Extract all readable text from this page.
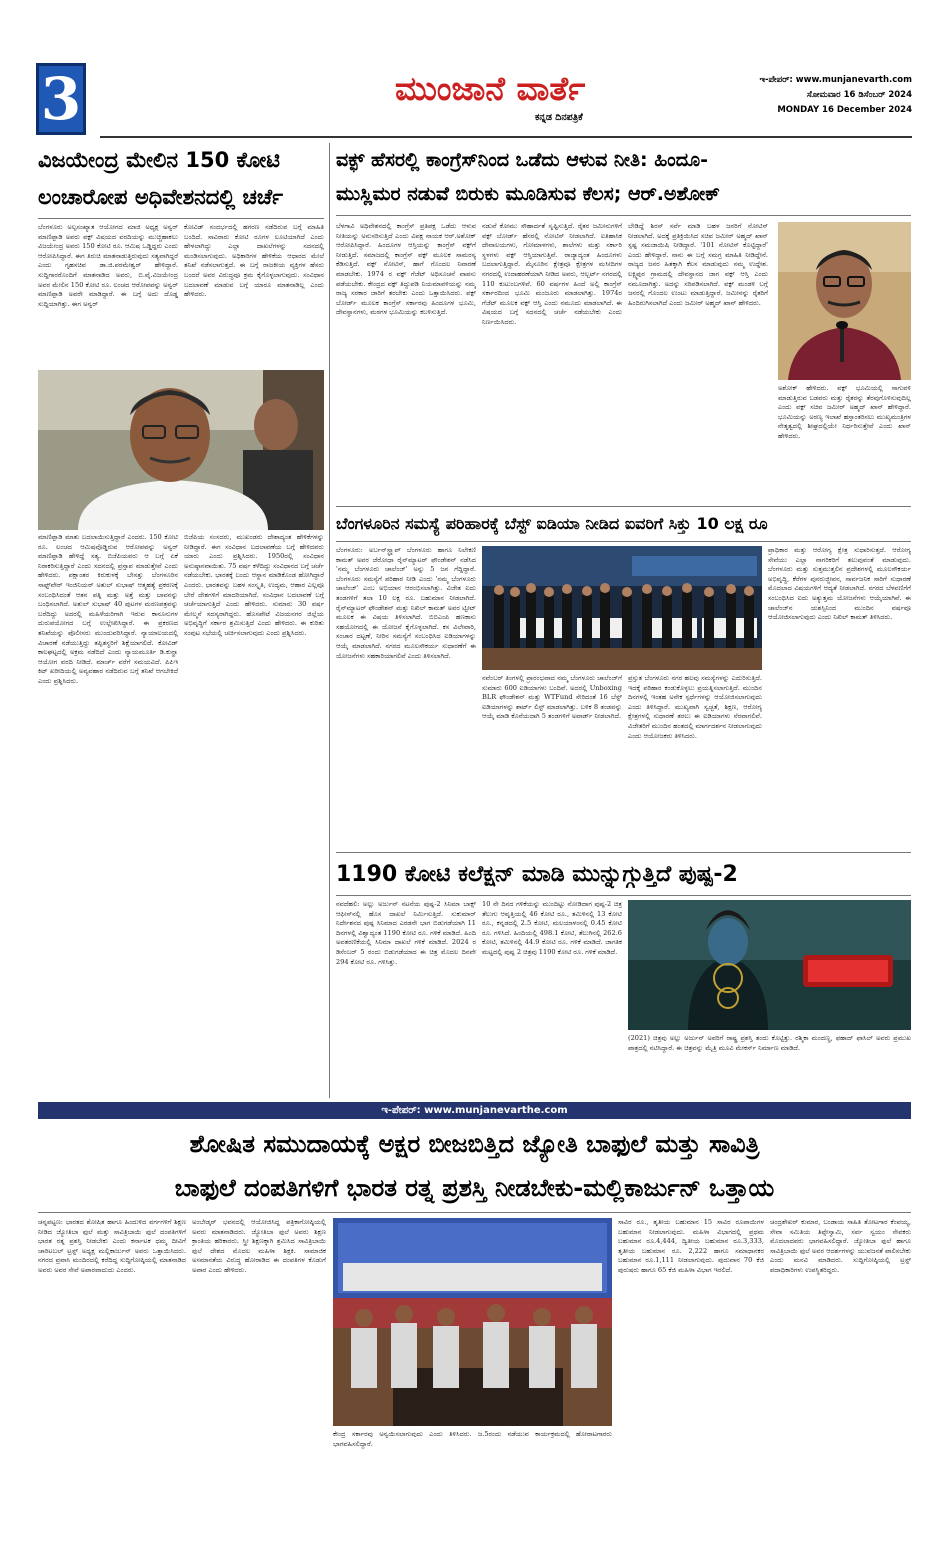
3	ಮುಂಜಾನೆ ವಾರ್ತೆ
ಕನ್ನಡ ದಿನಪತ್ರಿಕೆ
ಇ-ಪೇಪರ್: www.munjanevarth.com
ಸೋಮವಾರ 16 ಡಿಸೆಂಬರ್ 2024
MONDAY 16 December 2024
ವಿಜಯೇಂದ್ರ ಮೇಲಿನ 150 ಕೋಟಿ
ಲಂಚಾರೋಪ ಅಧಿವೇಶನದಲ್ಲಿ ಚರ್ಚೆ
ಬೆಂಗಳೂರು ಅಲ್ಪಸಂಖ್ಯಾತ ಆಯೋಗದ ಮಾಜಿ ಅಧ್ಯಕ್ಷ ಅನ್ವರ್ ಮಾಣಿಪ್ಪಾಡಿ ಅವರು ವಕ್ಫ್ ವಿಷಯದ ವರದಿಯನ್ನು ಮುಚ್ಚಿಹಾಕಲು ವಿಜಯೇಂದ್ರ ಅವರು 150 ಕೋಟಿ ರೂ. ಆಮಿಷ ಒಡ್ಡಿದ್ದರು ಎಂದು ಆರೋಪಿಸಿದ್ದಾರೆ. ಈಗ ತಿರುಚಿ ಮಾತನಾಡುತ್ತಿರುವುದು ಸತ್ಯವಾಗಿದ್ದರೆ ಎಂದು ಗೃಹಸಚಿವ ಡಾ.ಜಿ.ಪರಮೇಶ್ವರ್ ಹೇಳಿದ್ದಾರೆ. ಸುದ್ದಿಗಾರರೊಂದಿಗೆ ಮಾತನಾಡಿದ ಅವರು, ಬಿ.ವೈ.ವಿಜಯೇಂದ್ರ ಅವರ ಮೇಲಿನ 150 ಕೋಟಿ ರೂ. ಲಂಚದ ಆರೋಪವನ್ನು ಅನ್ವರ್ ಮಾಣಿಪ್ಪಾಡಿ ಅವರೇ ಮಾಡಿದ್ದಾರೆ. ಈ ಬಗ್ಗೆ ಅದು ದೊಡ್ಡ ಸುದ್ದಿಯಾಗಿತ್ತು. ಈಗ ಅನ್ವರ್
ಕೋವಿಡ್ ಸಂದರ್ಭದಲ್ಲಿ ಹಗರಣ ನಡೆದಿರುವ ಬಗ್ಗೆ ಮಾಹಿತಿ ಬಂದಿದೆ. ಸಾವಿರಾರು ಕೋಟಿ ರೂಗಳ ಲೂಟಿಯಾಗಿದೆ ಎಂದು ಹೇಳಲಾಗಿದ್ದು ಎಲ್ಲಾ ದಾಖಲೆಗಳನ್ನು ಸದನದಲ್ಲಿ ಮಂಡಿಸಲಾಗುವುದು. ಅಧಿಕಾರಿಗಳ ಹೇಳಿಕೆಯ ಆಧಾರದ ಮೇಲೆ ತನಿಖೆ ನಡೆಸಲಾಗುತ್ತದೆ. ಈ ಬಗ್ಗೆ ರಾಜಕೀಯ ವ್ಯಕ್ತಿಗಳ ಹೆಸರು ಬಂದರೆ ಅವರ ವಿರುದ್ಧವೂ ಕ್ರಮ ಕೈಗೊಳ್ಳಲಾಗುವುದು. ಸಂವಿಧಾನ ಬದಲಾವಣೆ ಮಾಡುವ ಬಗ್ಗೆ ಯಾರೂ ಮಾತನಾಡಿಲ್ಲ ಎಂದು ಹೇಳಿದರು.
ಮಾಣಿಪ್ಪಾಡಿ ಮಾತು ಬದಲಾಯಿಸುತ್ತಿದ್ದಾರೆ ಎಂದರು. 150 ಕೋಟಿ ರೂ. ಲಂಚದ ಆಮಿಷವೊಡ್ಡಿರುವ ಆರೋಪವನ್ನು ಅನ್ವರ್ ಮಾಣಿಪ್ಪಾಡಿ ಹೇಳಿದ್ದೆ ಸತ್ಯ. ಬಿಜೆಪಿಯವರು ಆ ಬಗ್ಗೆ ಏಕೆ ನಿರಾಕರಿಸುತ್ತಿದ್ದಾರೆ ಎಂದು ಸದನದಲ್ಲಿ ಪ್ರಸ್ತಾಪ ಮಾಡುತ್ತೇವೆ ಎಂದು ಹೇಳಿದರು. ಪಕ್ಷಾಂತರ ಕಿರುಕುಳಕ್ಕೆ ಬೇಸತ್ತು ಬೆಂಗಳೂರಿನ ಸಾಫ್ಟ್‌ವೇರ್ ಇಂಜಿನಿಯರ್ ಅತುಲ್ ಸುಭಾಷ್ ಆತ್ಮಹತ್ಯೆ ಪ್ರಕರಣಕ್ಕೆ ಸಂಬಂಧಿಸಿದಂತೆ ಆತನ ಪತ್ನಿ ಮತ್ತು ಅತ್ತೆ ಮತ್ತು ಬಾವನನ್ನು ಬಂಧಿಸಲಾಗಿದೆ. ಅತುಲ್ ಸುಭಾಷ್ 40 ಪುಟಗಳ ಮರಣಪತ್ರವನ್ನು ಬರೆದಿದ್ದು ಅದರಲ್ಲಿ ಮಹಿಳೆಯರಿಗಾಗಿ ಇರುವ ಕಾನೂನುಗಳ ದುರುಪಯೋಗದ ಬಗ್ಗೆ ಉಲ್ಲೇಖಿಸಿದ್ದಾರೆ. ಈ ಪ್ರಕರಣದ ತನಿಖೆಯನ್ನು ಪೊಲೀಸರು ಮುಂದುವರಿಸಿದ್ದಾರೆ. ನ್ಯಾಯಾಲಯದಲ್ಲಿ ವಿಚಾರಣೆ ನಡೆಯುತ್ತಿದ್ದು ತಪ್ಪಿತಸ್ಥರಿಗೆ ಶಿಕ್ಷೆಯಾಗಲಿದೆ. ಕೋವಿಡ್ ಕಾಲಘಟ್ಟದಲ್ಲಿ ಅಕ್ರಮ ನಡೆದಿದೆ ಎಂದು ನ್ಯಾಯಮೂರ್ತಿ ಡಿ.ಕುನ್ಹಾ ಆಯೋಗ ವರದಿ ನೀಡಿದೆ. ಮಾರ್ಚ್ ವರೆಗೆ ಸಮಯವಿದೆ. ಪಿಪಿಇ ಕಿಟ್ ಖರೀದಿಯಲ್ಲಿ ಅವ್ಯವಹಾರ ನಡೆದಿರುವ ಬಗ್ಗೆ ತನಿಖೆ ಆಗಬೇಕಿದೆ ಎಂದು ಪ್ರಶ್ನಿಸಿದರು.
ಬಿಜೆಪಿಯ ಸಂಸದರು, ಮುಖಂಡರು ದೇಶಾದ್ಯಂತ ಹೇಳಿಕೆಗಳನ್ನು ನೀಡಿದ್ದಾರೆ. ಈಗ ಸಂವಿಧಾನ ಬದಲಾವಣೆಯ ಬಗ್ಗೆ ಹೇಳಿದವರು ಯಾರು ಎಂದು ಪ್ರಶ್ನಿಸಿದರು. 1950ರಲ್ಲಿ ಸಂವಿಧಾನ ಅನುಷ್ಠಾನವಾಯಿತು. 75 ವರ್ಷ ಕಳೆದಿದ್ದು ಸಂವಿಧಾನದ ಬಗ್ಗೆ ಚರ್ಚೆ ನಡೆಯಬೇಕು. ಭಾರತಕ್ಕೆ ಬಂದು ಆಸ್ಥಾನ ಮಾಡಿಕೊಂಡ ಹೋಗಿದ್ದಾರೆ ಎಂದರು. ಭಾರತವನ್ನು ಬಹಳ ಸಂಸ್ಕೃತಿ, ಉದ್ಯಮ, ಆಹಾರ ಎಲ್ಲವೂ ಬೇರೆ ದೇಶಗಳಿಗೆ ಮಾದರಿಯಾಗಿದೆ. ಸಂವಿಧಾನ ಬದಲಾವಣೆ ಬಗ್ಗೆ ಚರ್ಚೆಯಾಗುತ್ತಿದೆ ಎಂದು ಹೇಳಿದರು. ಸುಮಾರು 30 ವರ್ಷ ಮೇಲ್ಮನೆ ಸದಸ್ಯರಾಗಿದ್ದರು. ಹೊಸಪೇಟೆ ವಿಜಯನಗರ ಜಿಲ್ಲೆಯ ಅಭಿವೃದ್ಧಿಗೆ ಸರ್ಕಾರ ಶ್ರಮಿಸುತ್ತಿದೆ ಎಂದು ಹೇಳಿದರು. ಈ ಕುರಿತು ಸಂಪುಟ ಸಭೆಯಲ್ಲಿ ಚರ್ಚಿಸಲಾಗುವುದು ಎಂದು ಪ್ರಶ್ನಿಸಿದರು.
ವಕ್ಫ್ ಹೆಸರಲ್ಲಿ ಕಾಂಗ್ರೆಸ್‌ನಿಂದ ಒಡೆದು ಆಳುವ ನೀತಿ: ಹಿಂದೂ-
ಮುಸ್ಲಿಮರ ನಡುವೆ ಬಿರುಕು ಮೂಡಿಸುವ ಕೆಲಸ; ಆರ್.ಅಶೋಕ್
ಬೆಳಗಾವಿ ಅಧಿವೇಶನದಲ್ಲಿ ಕಾಂಗ್ರೆಸ್ ಪ್ರತಿಪಕ್ಷ ಒಡೆದು ಆಳುವ ನೀತಿಯನ್ನು ಅನುಸರಿಸುತ್ತಿದೆ ಎಂದು ವಿಪಕ್ಷ ನಾಯಕ ಆರ್.ಅಶೋಕ್ ಆರೋಪಿಸಿದ್ದಾರೆ. ಹಿಂದೂಗಳ ಆಸ್ತಿಯನ್ನು ಕಾಂಗ್ರೆಸ್ ವಕ್ಫ್‌ಗೆ ನೀಡುತ್ತಿದೆ. ಸಮಾಜದಲ್ಲಿ ಕಾಂಗ್ರೆಸ್ ವಕ್ಫ್ ಮೂಲಕ ಸಾಮರಸ್ಯ ಕೆಡಿಸುತ್ತಿದೆ. ವಕ್ಫ್ ನೋಟಿಸ್, ಹಾಗೆ ಗೊಂದಲ ನಿವಾರಣೆ ಮಾಡಬೇಕು. 1974 ರ ವಕ್ಫ್ ಗೆಜೆಟ್ ಅಧಿಸೂಚನೆ ವಾಪಸು ಪಡೆಯಬೇಕು. ಕೇಂದ್ರದ ವಕ್ಫ್ ತಿದ್ದುಪಡಿ ನಿಯಮಾವಳಿಯನ್ನು ನಮ್ಮ ರಾಜ್ಯ ಸರಕಾರ ಜಾರಿಗೆ ತರಬೇಕು ಎಂದು ಒತ್ತಾಯಿಸಿದರು. ವಕ್ಫ್ ಬೋರ್ಡ್ ಮೂಲಕ ಕಾಂಗ್ರೆಸ್ ಸರ್ಕಾರವು ಹಿಂದೂಗಳ ಭೂಮಿ, ದೇವಸ್ಥಾನಗಳು, ಮಠಗಳ ಭೂಮಿಯನ್ನು ಕಬಳಿಸುತ್ತಿದೆ.
ನಡುವೆ ಕೋಮು ಸೌಹಾರ್ದತೆ ಸೃಷ್ಟಿಸುತ್ತಿದೆ. ರೈತರ ಜಮೀನುಗಳಿಗೆ ವಕ್ಫ್ ಬೋರ್ಡ್ ಹೆಸರಲ್ಲಿ ನೋಟಿಸ್ ನೀಡಲಾಗಿದೆ. ಐತಿಹಾಸಿಕ ದೇವಾಲಯಗಳು, ಗೋಮಾಳಗಳು, ಶಾಲೆಗಳು ಮತ್ತು ಸರ್ಕಾರಿ ಸ್ಥಳಗಳು ವಕ್ಫ್ ಆಸ್ತಿಯಾಗುತ್ತಿವೆ. ರಾಜ್ಯಾದ್ಯಂತ ಹಿಂದೂಗಳು ಬದಲಾಗುತ್ತಿದ್ದಾರೆ. ಮೈಸೂರಿನ ಕ್ಷೇತ್ರವೂ ಕ್ಷೇತ್ರಗಳ ಮಸೀದಿಗಳ ನಗರದಲ್ಲಿ ಉದಾಹರಣೆಯಾಗಿ ನೀಡಿದ ಅವರು, ಆಲ್ಬರ್ಟ್ ನಗರದಲ್ಲಿ 110 ಕುಟುಂಬಗಳಿವೆ. 60 ವರ್ಷಗಳ ಹಿಂದೆ ಅಲ್ಲಿ ಕಾಂಗ್ರೆಸ್ ಸರ್ಕಾರದಿಂದ ಭೂಮಿ ಮಂಜೂರು ಮಾಡಲಾಗಿತ್ತು. 1974ರ ಗೆಜೆಟ್ ಮೂಲಕ ವಕ್ಫ್ ಆಸ್ತಿ ಎಂದು ನಮೂದು ಮಾಡಲಾಗಿದೆ. ಈ ವಿಷಯದ ಬಗ್ಗೆ ಸದನದಲ್ಲಿ ಚರ್ಚೆ ನಡೆಯಬೇಕು ಎಂದು ನಿರ್ಣಯಿಸಿದರು.
ಬೇಡಿದ್ದೆ ಶಿರಸ್ ಸರ್ವೆ ಮಾಡಿ ಬಹಳ ಜನರಿಗೆ ನೋಟಿಸ್ ನೀಡಲಾಗಿದೆ. ಅದಕ್ಕೆ ಪ್ರತಿಕ್ರಿಯಿಸಿದ ಸಚಿವ ಜಮೀರ್ ಅಹ್ಮದ್ ಖಾನ್ ಸ್ಪಷ್ಟ ಸಮಜಾಯಿಷಿ ನೀಡಿದ್ದಾರೆ. '101 ನೋಟಿಸ್ ಕೊಟ್ಟಿದ್ದಾರೆ' ಎಂದು ಹೇಳಿದ್ದಾರೆ. ನಾನು ಈ ಬಗ್ಗೆ ಸಮಗ್ರ ಮಾಹಿತಿ ನೀಡಿದ್ದೇನೆ. ರಾಜ್ಯದ ಜನರ ಹಿತಕ್ಕಾಗಿ ಕೆಲಸ ಮಾಡುವುದು ನಮ್ಮ ಉದ್ದೇಶ. ಲಕ್ಷ್ಮಿಪುರ ಗ್ರಾಮದಲ್ಲಿ ದೇವಸ್ಥಾನದ ಜಾಗ ವಕ್ಫ್ ಆಸ್ತಿ ಎಂದು ನಮೂದಾಗಿತ್ತು. ಅದನ್ನು ಸರಿಪಡಿಸಲಾಗಿದೆ. ವಕ್ಫ್ ಮಂಡಳಿ ಬಗ್ಗೆ ಜನರಲ್ಲಿ ಗೊಂದಲ ಉಂಟು ಮಾಡುತ್ತಿದ್ದಾರೆ. ಜಮೀನನ್ನು ರೈತರಿಗೆ ಹಿಂದಿರುಗಿಸಲಾಗಿದೆ ಎಂದು ಜಮೀರ್ ಅಹ್ಮದ್ ಖಾನ್ ಹೇಳಿದರು.
ಅಶೋಕ್ ಹೇಳಿದರು. ವಕ್ಫ್ ಭೂಮಿಯಲ್ಲಿ ಸಾಗುವಳಿ ಮಾಡುತ್ತಿರುವ ಬಡವರು ಮತ್ತು ರೈತರನ್ನು ತೆರವುಗೊಳಿಸುವುದಿಲ್ಲ ಎಂದು ವಕ್ಫ್ ಸಚಿವ ಜಮೀರ್ ಅಹ್ಮದ್ ಖಾನ್ ಹೇಳಿದ್ದಾರೆ. ಭೂಮಿಯನ್ನು ಅರಣ್ಯ ಇಲಾಖೆ ಹಸ್ತಾಂತರಿಸಲು ಮುಖ್ಯಮಂತ್ರಿಗಳ ನೇತೃತ್ವದಲ್ಲಿ ಶೀಘ್ರದಲ್ಲಿಯೇ ನಿರ್ಧರಿಸುತ್ತೇವೆ ಎಂದು ಖಾನ್ ಹೇಳಿದರು.
ಬೆಂಗಳೂರಿನ ಸಮಸ್ಯೆ ಪರಿಹಾರಕ್ಕೆ ಬೆಸ್ಟ್ ಐಡಿಯಾ ನೀಡಿದ ಐವರಿಗೆ ಸಿಕ್ತು 10 ಲಕ್ಷ ರೂ
ಬೆಂಗಳೂರು: ಅರ್ಬನ್‌ಸ್ಟ್ರ್ಯಾಪ್ ಬೆಂಗಳೂರು ಹಾಗೂ ನಿಲೇಕಣಿ ಕಾಮತ್ ಅವರ ಜೆರೋಧಾ ರೈನ್‌ಮ್ಯಾಟರ್ ಫೌಂಡೇಶನ್ ನಡೆಸಿದ 'ನಮ್ಮ ಬೆಂಗಳೂರು ಚಾಲೆಂಜ್' ಅನ್ನು 5 ಜನ ಗೆದ್ದಿದ್ದಾರೆ. ಬೆಂಗಳೂರು ಸಮಸ್ಯೆಗೆ ಪರಿಹಾರ ನೀಡಿ ಎಂದು 'ನಮ್ಮ ಬೆಂಗಳೂರು ಚಾಲೆಂಜ್' ಎಂಬ ಅಭಿಯಾನ ಆರಂಭಿಸಲಾಗಿತ್ತು. ವಿಜೇತ ಐದು ತಂಡಗಳಿಗೆ ತಲಾ 10 ಲಕ್ಷ ರೂ. ಬಹುಮಾನ ನೀಡಲಾಗಿದೆ. ರೈನ್‌ಮ್ಯಾಟರ್ ಫೌಂಡೇಶನ್ ಮತ್ತು ನಿಖಿಲ್ ಕಾಮತ್ ಅವರ ಟ್ವೀಟ್ ಮೂಲಕ ಈ ವಿಷಯ ತಿಳಿಸಲಾಗಿದೆ. ಬಿಬಿಎಂಪಿ ಹಣಕಾಸು ಸಹಯೋಗದಲ್ಲಿ ಈ ಯೋಜನೆ ಕೈಗೊಳ್ಳಲಾಗಿದೆ. ಕಸ ವಿಲೇವಾರಿ, ಸಂಚಾರ ದಟ್ಟಣೆ, ನೀರಿನ ಸಮಸ್ಯೆಗೆ ಸಂಬಂಧಿಸಿದ ಐಡಿಯಾಗಳನ್ನು ಆಯ್ಕೆ ಮಾಡಲಾಗಿದೆ. ನಗರದ ಮೂಲಸೌಕರ್ಯ ಸುಧಾರಣೆಗೆ ಈ ಯೋಜನೆಗಳು ಸಹಕಾರಿಯಾಗಲಿವೆ ಎಂದು ತಿಳಿಸಲಾಗಿದೆ.
ನವೆಂಬರ್ ತಿಂಗಳಲ್ಲಿ ಪ್ರಾರಂಭವಾದ ನಮ್ಮ ಬೆಂಗಳೂರು ಚಾಲೆಂಜ್‌ಗೆ ಸುಮಾರು 600 ಐಡಿಯಾಗಳು ಬಂದಿವೆ. ಅದರಲ್ಲಿ Unboxing BLR ಫೌಂಡೇಶನ್ ಮತ್ತು WTFund ಸೇರಿದಂತೆ 16 ಬೆಸ್ಟ್ ಐಡಿಯಾಗಳನ್ನು ಶಾರ್ಟ್ ಲಿಸ್ಟ್ ಮಾಡಲಾಗಿತ್ತು. ಬಳಿಕ 8 ತಂಡವನ್ನು ಆಯ್ಕೆ ಮಾಡಿ ಕೊನೆಯದಾಗಿ 5 ತಂಡಗಳಿಗೆ ಅವಾರ್ಡ್ ನೀಡಲಾಗಿದೆ.
ಪ್ರಸ್ತುತ ಬೆಂಗಳೂರು ನಗರ ಹಲವು ಸಮಸ್ಯೆಗಳನ್ನು ಎದುರಿಸುತ್ತಿದೆ. ಇದಕ್ಕೆ ಪರಿಹಾರ ಕಂಡುಕೊಳ್ಳಲು ಪ್ರಯತ್ನಿಸಲಾಗುತ್ತಿದೆ. ಮುಂದಿನ ದಿನಗಳಲ್ಲಿ ಇಂತಹ ಅನೇಕ ಸ್ಪರ್ಧೆಗಳನ್ನು ಆಯೋಜಿಸಲಾಗುವುದು ಎಂದು ತಿಳಿಸಿದ್ದಾರೆ. ಮುಖ್ಯವಾಗಿ ಸ್ವಚ್ಛತೆ, ಶಿಕ್ಷಣ, ಆರೋಗ್ಯ ಕ್ಷೇತ್ರಗಳಲ್ಲಿ ಸುಧಾರಣೆ ತರಲು ಈ ಐಡಿಯಾಗಳು ನೆರವಾಗಲಿವೆ. ವಿಜೇತರಿಗೆ ಮುಂದಿನ ಹಂತದಲ್ಲಿ ಮಾರ್ಗದರ್ಶನ ನೀಡಲಾಗುವುದು ಎಂದು ಆಯೋಜಕರು ತಿಳಿಸಿದರು.
ಪ್ರಾಧಿಕಾರ ಮತ್ತು ಆರೋಗ್ಯ ಕ್ಷೇತ್ರ ಸುಧಾರಿಸುತ್ತದೆ. ಆರೋಗ್ಯ ಸೇವೆಯು ಎಲ್ಲಾ ನಾಗರಿಕರಿಗೆ ತಲುಪುವಂತೆ ಮಾಡುವುದು. ಬೆಂಗಳೂರು ಮತ್ತು ಸುತ್ತಮುತ್ತಲಿನ ಪ್ರದೇಶಗಳಲ್ಲಿ ಮೂಲಸೌಕರ್ಯ ಅಭಿವೃದ್ಧಿ, ಕೆರೆಗಳ ಪುನರುಜ್ಜೀವನ, ಸಾರ್ವಜನಿಕ ಸಾರಿಗೆ ಸುಧಾರಣೆ ಮೊದಲಾದ ವಿಷಯಗಳಿಗೆ ಆದ್ಯತೆ ನೀಡಲಾಗಿದೆ. ನಗರದ ಬೆಳವಣಿಗೆಗೆ ಸಂಬಂಧಿಸಿದ ಐದು ಅತ್ಯುತ್ತಮ ಯೋಜನೆಗಳು ಆಯ್ಕೆಯಾಗಿವೆ. ಈ ಚಾಲೆಂಜ್‌ನ ಯಶಸ್ಸಿನಿಂದ ಮುಂದಿನ ವರ್ಷವೂ ಆಯೋಜಿಸಲಾಗುವುದು ಎಂದು ನಿಖಿಲ್ ಕಾಮತ್ ತಿಳಿಸಿದರು.
1190 ಕೋಟಿ ಕಲೆಕ್ಷನ್ ಮಾಡಿ ಮುನ್ನುಗ್ಗುತ್ತಿದೆ ಪುಷ್ಪ-2
ನವದೆಹಲಿ: ಅಲ್ಲು ಅರ್ಜುನ್ ನಟನೆಯ ಪುಷ್ಪ-2 ಸಿನಿಮಾ ಬಾಕ್ಸ್ ಆಫೀಸ್‌ನಲ್ಲಿ ಹೊಸ ದಾಖಲೆ ನಿರ್ಮಿಸುತ್ತಿದೆ. ಸುಕುಮಾರ್ ನಿರ್ದೇಶನದ ಪುಷ್ಪ ಸಿನಿಮಾದ ಎರಡನೇ ಭಾಗ ಬಿಡುಗಡೆಯಾಗಿ 11 ದಿನಗಳಲ್ಲಿ ವಿಶ್ವಾದ್ಯಂತ 1190 ಕೋಟಿ ರೂ. ಗಳಿಕೆ ಮಾಡಿದೆ. ಹಿಂದಿ ಅವತರಣಿಕೆಯಲ್ಲಿ ಸಿನಿಮಾ ದಾಖಲೆ ಗಳಿಕೆ ಮಾಡಿದೆ. 2024 ರ ಡಿಸೆಂಬರ್ 5 ರಂದು ಬಿಡುಗಡೆಯಾದ ಈ ಚಿತ್ರ ಮೊದಲ ದಿನವೇ 294 ಕೋಟಿ ರೂ. ಗಳಿಸಿತ್ತು.
10 ನೇ ದಿನದ ಗಳಿಕೆಯನ್ನು ಮುಂದಿಟ್ಟು ನೋಡಿದಾಗ ಪುಷ್ಪ-2 ಚಿತ್ರ ತೆಲುಗು ಆವೃತ್ತಿಯಲ್ಲಿ 46 ಕೋಟಿ ರೂ., ತಮಿಳಿನಲ್ಲಿ 13 ಕೋಟಿ ರೂ., ಕನ್ನಡದಲ್ಲಿ 2.5 ಕೋಟಿ, ಮಲಯಾಳಂನಲ್ಲಿ 0.45 ಕೋಟಿ ರೂ. ಗಳಿಸಿದೆ. ಹಿಂದಿಯಲ್ಲಿ 498.1 ಕೋಟಿ, ತೆಲುಗಿನಲ್ಲಿ 262.6 ಕೋಟಿ, ತಮಿಳಿನಲ್ಲಿ 44.9 ಕೋಟಿ ರೂ. ಗಳಿಕೆ ಮಾಡಿದೆ. ಜಾಗತಿಕ ಮಟ್ಟದಲ್ಲಿ ಪುಷ್ಪ 2 ಚಿತ್ರವು 1190 ಕೋಟಿ ರೂ. ಗಳಿಕೆ ಮಾಡಿದೆ.
(2021) ಚಿತ್ರವು ಅಲ್ಲು ಅರ್ಜುನ್ ಅವರಿಗೆ ರಾಷ್ಟ್ರ ಪ್ರಶಸ್ತಿ ತಂದು ಕೊಟ್ಟಿತ್ತು. ರಶ್ಮಿಕಾ ಮಂದಣ್ಣ, ಫಹಾದ್ ಫಾಸಿಲ್ ಅವರು ಪ್ರಮುಖ ಪಾತ್ರದಲ್ಲಿ ನಟಿಸಿದ್ದಾರೆ. ಈ ಚಿತ್ರವನ್ನು ಮೈತ್ರಿ ಮೂವಿ ಮೇಕರ್ಸ್ ನಿರ್ಮಾಣ ಮಾಡಿದೆ.
ಇ-ಪೇಪರ್: www.munjanevarthe.com
ಶೋಷಿತ ಸಮುದಾಯಕ್ಕೆ ಅಕ್ಷರ ಬೀಜಬಿತ್ತಿದ ಜ್ಯೋತಿ ಬಾಫುಲೆ ಮತ್ತು ಸಾವಿತ್ರಿ
ಬಾಫುಲೆ ದಂಪತಿಗಳಿಗೆ ಭಾರತ ರತ್ನ ಪ್ರಶಸ್ತಿ ನೀಡಬೇಕು-ಮಲ್ಲಿಕಾರ್ಜುನ್ ಒತ್ತಾಯ
ಚನ್ನಪಟ್ಟಣ: ಭಾರತದ ಶೋಷಿತ ಹಾಗೂ ಹಿಂದುಳಿದ ವರ್ಗಗಳಿಗೆ ಶಿಕ್ಷಣ ನೀಡಿದ ಜ್ಯೋತಿಬಾ ಫುಲೆ ಮತ್ತು ಸಾವಿತ್ರಿಬಾಯಿ ಫುಲೆ ದಂಪತಿಗಳಿಗೆ ಭಾರತ ರತ್ನ ಪ್ರಶಸ್ತಿ ನೀಡಬೇಕು ಎಂದು ಕರ್ನಾಟಕ ಧಮ್ಮ ದೀವಿಗೆ ಚಾರಿಟಬಲ್ ಟ್ರಸ್ಟ್ ಅಧ್ಯಕ್ಷ ಮಲ್ಲಿಕಾರ್ಜುನ್ ಅವರು ಒತ್ತಾಯಿಸಿದರು. ನಗರದ ಪ್ರವಾಸಿ ಮಂದಿರದಲ್ಲಿ ಕರೆದಿದ್ದ ಸುದ್ದಿಗೋಷ್ಠಿಯಲ್ಲಿ ಮಾತನಾಡಿದ ಅವರು ಅವರ ಸೇವೆ ಅಪಾರವಾದುದು ಎಂದರು.
ಅಂಬೇಡ್ಕರ್ ಭವನದಲ್ಲಿ ಆಯೋಜಿಸಿದ್ದ ಪತ್ರಿಕಾಗೋಷ್ಠಿಯಲ್ಲಿ ಅವರು ಮಾತನಾಡಿದರು. ಜ್ಯೋತಿಬಾ ಫುಲೆ ಅವರು ಶಿಕ್ಷಣ ಕ್ರಾಂತಿಯ ಹರಿಕಾರರು. ಸ್ತ್ರೀ ಶಿಕ್ಷಣಕ್ಕಾಗಿ ಶ್ರಮಿಸಿದ ಸಾವಿತ್ರಿಬಾಯಿ ಫುಲೆ ದೇಶದ ಮೊದಲ ಮಹಿಳಾ ಶಿಕ್ಷಕಿ. ಸಾಮಾಜಿಕ ಅಸಮಾನತೆಯ ವಿರುದ್ಧ ಹೋರಾಡಿದ ಈ ದಂಪತಿಗಳ ಕೊಡುಗೆ ಅಪಾರ ಎಂದು ಹೇಳಿದರು.
ಕೇಂದ್ರ ಸರ್ಕಾರವು ಅನ್ವಯಿಸಲಾಗುವುದು ಎಂದು ತಿಳಿಸಿದರು. ಜ.5ರಂದು ನಡೆಯುವ ಕಾರ್ಯಕ್ರಮದಲ್ಲಿ ಹೋರಾಟಗಾರರು ಭಾಗವಹಿಸಲಿದ್ದಾರೆ.
ಸಾವಿರ ರೂ., ತೃತೀಯ ಬಹುಮಾನ 15 ಸಾವಿರ ರೂಪಾಯಿಗಳ ಬಹುಮಾನ ನೀಡಲಾಗುವುದು. ಮಹಿಳಾ ವಿಭಾಗದಲ್ಲಿ ಪ್ರಥಮ ಬಹುಮಾನ ರೂ.4,444, ದ್ವಿತೀಯ ಬಹುಮಾನ ರೂ.3,333, ತೃತೀಯ ಬಹುಮಾನ ರೂ. 2,222 ಹಾಗೂ ಸಮಾಧಾನಕರ ಬಹುಮಾನ ರೂ.1,111 ನೀಡಲಾಗುವುದು. ಪುದುವಾನ 70 ಕೆಜಿ ಪುರುಷರು ಹಾಗೂ 65 ಕೆಜಿ ಮಹಿಳಾ ವಿಭಾಗ ಇರಲಿದೆ.
ಚಂದ್ರಶೇಖರ್ ಕುಮಾರ, ಬಂಡಾಯ ಸಾಹಿತಿ ತೋಟಗಾರ ಕೆಂಪಯ್ಯ, ಸೇವಾ ಸಮಿತಿಯ ತಿಪ್ಪೇಸ್ವಾಮಿ, ಸರ್ವ ಸ್ವಯಂ ಸೇವಕರು ಮೊದಲಾದವರು ಭಾಗವಹಿಸಲಿದ್ದಾರೆ. ಜ್ಯೋತಿಬಾ ಫುಲೆ ಹಾಗೂ ಸಾವಿತ್ರಿಬಾಯಿ ಫುಲೆ ಅವರ ಆದರ್ಶಗಳನ್ನು ಯುವಜನತೆ ಪಾಲಿಸಬೇಕು ಎಂದು ಮನವಿ ಮಾಡಿದರು. ಸುದ್ದಿಗೋಷ್ಠಿಯಲ್ಲಿ ಟ್ರಸ್ಟ್ ಪದಾಧಿಕಾರಿಗಳು ಉಪಸ್ಥಿತರಿದ್ದರು.
